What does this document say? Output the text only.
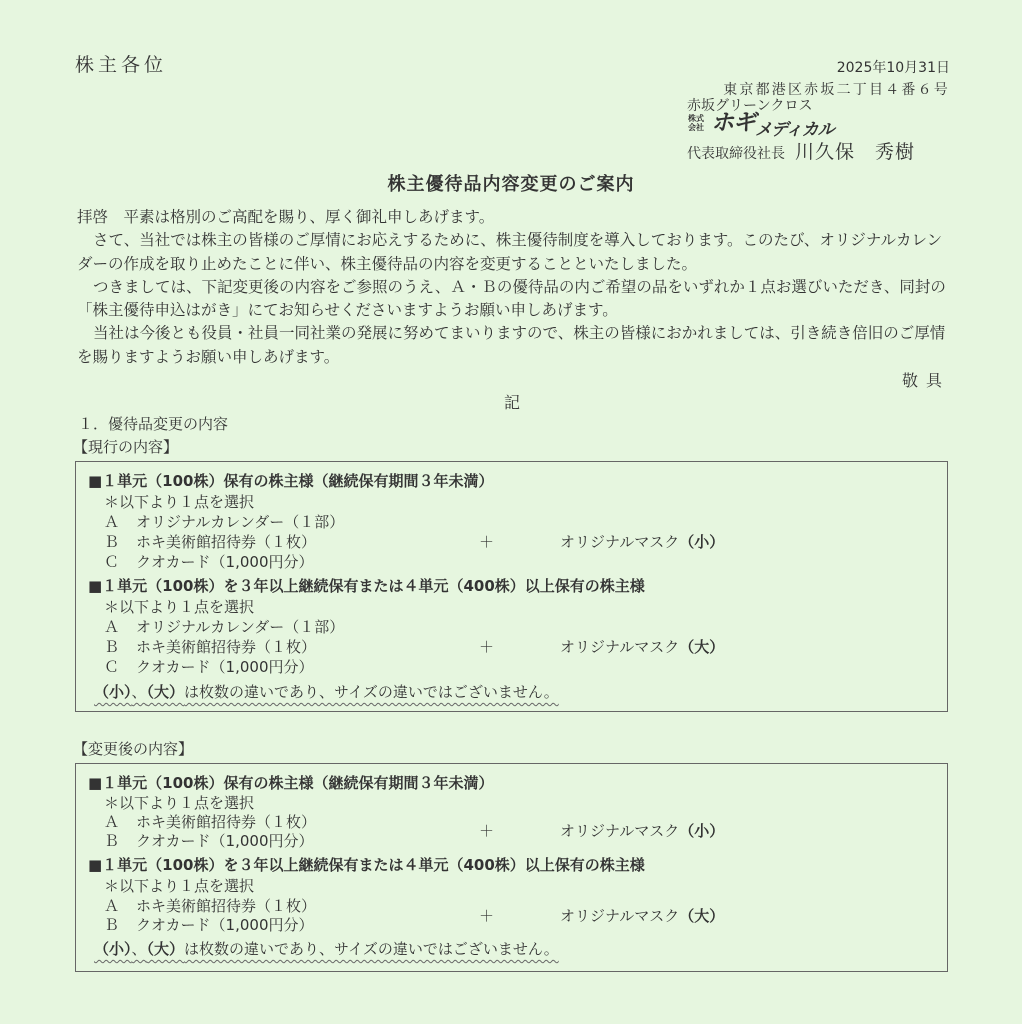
株主各位	2025年10月31日
東京都港区赤坂二丁目４番６号
赤坂グリーンクロス
株式会社 ホギメディカル
代表取締役社長 川久保　秀樹
株主優待品内容変更のご案内

拝啓　平素は格別のご高配を賜り、厚く御礼申しあげます。

さて、当社では株主の皆様のご厚情にお応えするために、株主優待制度を導入しております。このたび、オリジナルカレンダーの作成を取り止めたことに伴い、株主優待品の内容を変更することといたしました。

つきましては、下記変更後の内容をご参照のうえ、Ａ・Ｂの優待品の内ご希望の品をいずれか１点お選びいただき、同封の「株主優待申込はがき」にてお知らせくださいますようお願い申しあげます。

当社は今後とも役員・社員一同社業の発展に努めてまいりますので、株主の皆様におかれましては、引き続き倍旧のご厚情を賜りますようお願い申しあげます。

敬具
記
１．優待品変更の内容
【現行の内容】
■１単元（100株）保有の株主様（継続保有期間３年未満）
＊以下より１点を選択
Ａ オリジナルカレンダー（１部）
Ｂ ホキ美術館招待券（１枚）
Ｃ クオカード（1,000円分）
＋	オリジナルマスク（小）
■１単元（100株）を３年以上継続保有または４単元（400株）以上保有の株主様
＊以下より１点を選択
Ａ オリジナルカレンダー（１部）
Ｂ ホキ美術館招待券（１枚）
Ｃ クオカード（1,000円分）
＋	オリジナルマスク（大）
（小）、（大）は枚数の違いであり、サイズの違いではございません。
【変更後の内容】
■１単元（100株）保有の株主様（継続保有期間３年未満）
＊以下より１点を選択
Ａ ホキ美術館招待券（１枚）
Ｂ クオカード（1,000円分）
＋	オリジナルマスク（小）
■１単元（100株）を３年以上継続保有または４単元（400株）以上保有の株主様
＊以下より１点を選択
Ａ ホキ美術館招待券（１枚）
Ｂ クオカード（1,000円分）	＋	オリジナルマスク（大）
（小）、（大）は枚数の違いであり、サイズの違いではございません。
